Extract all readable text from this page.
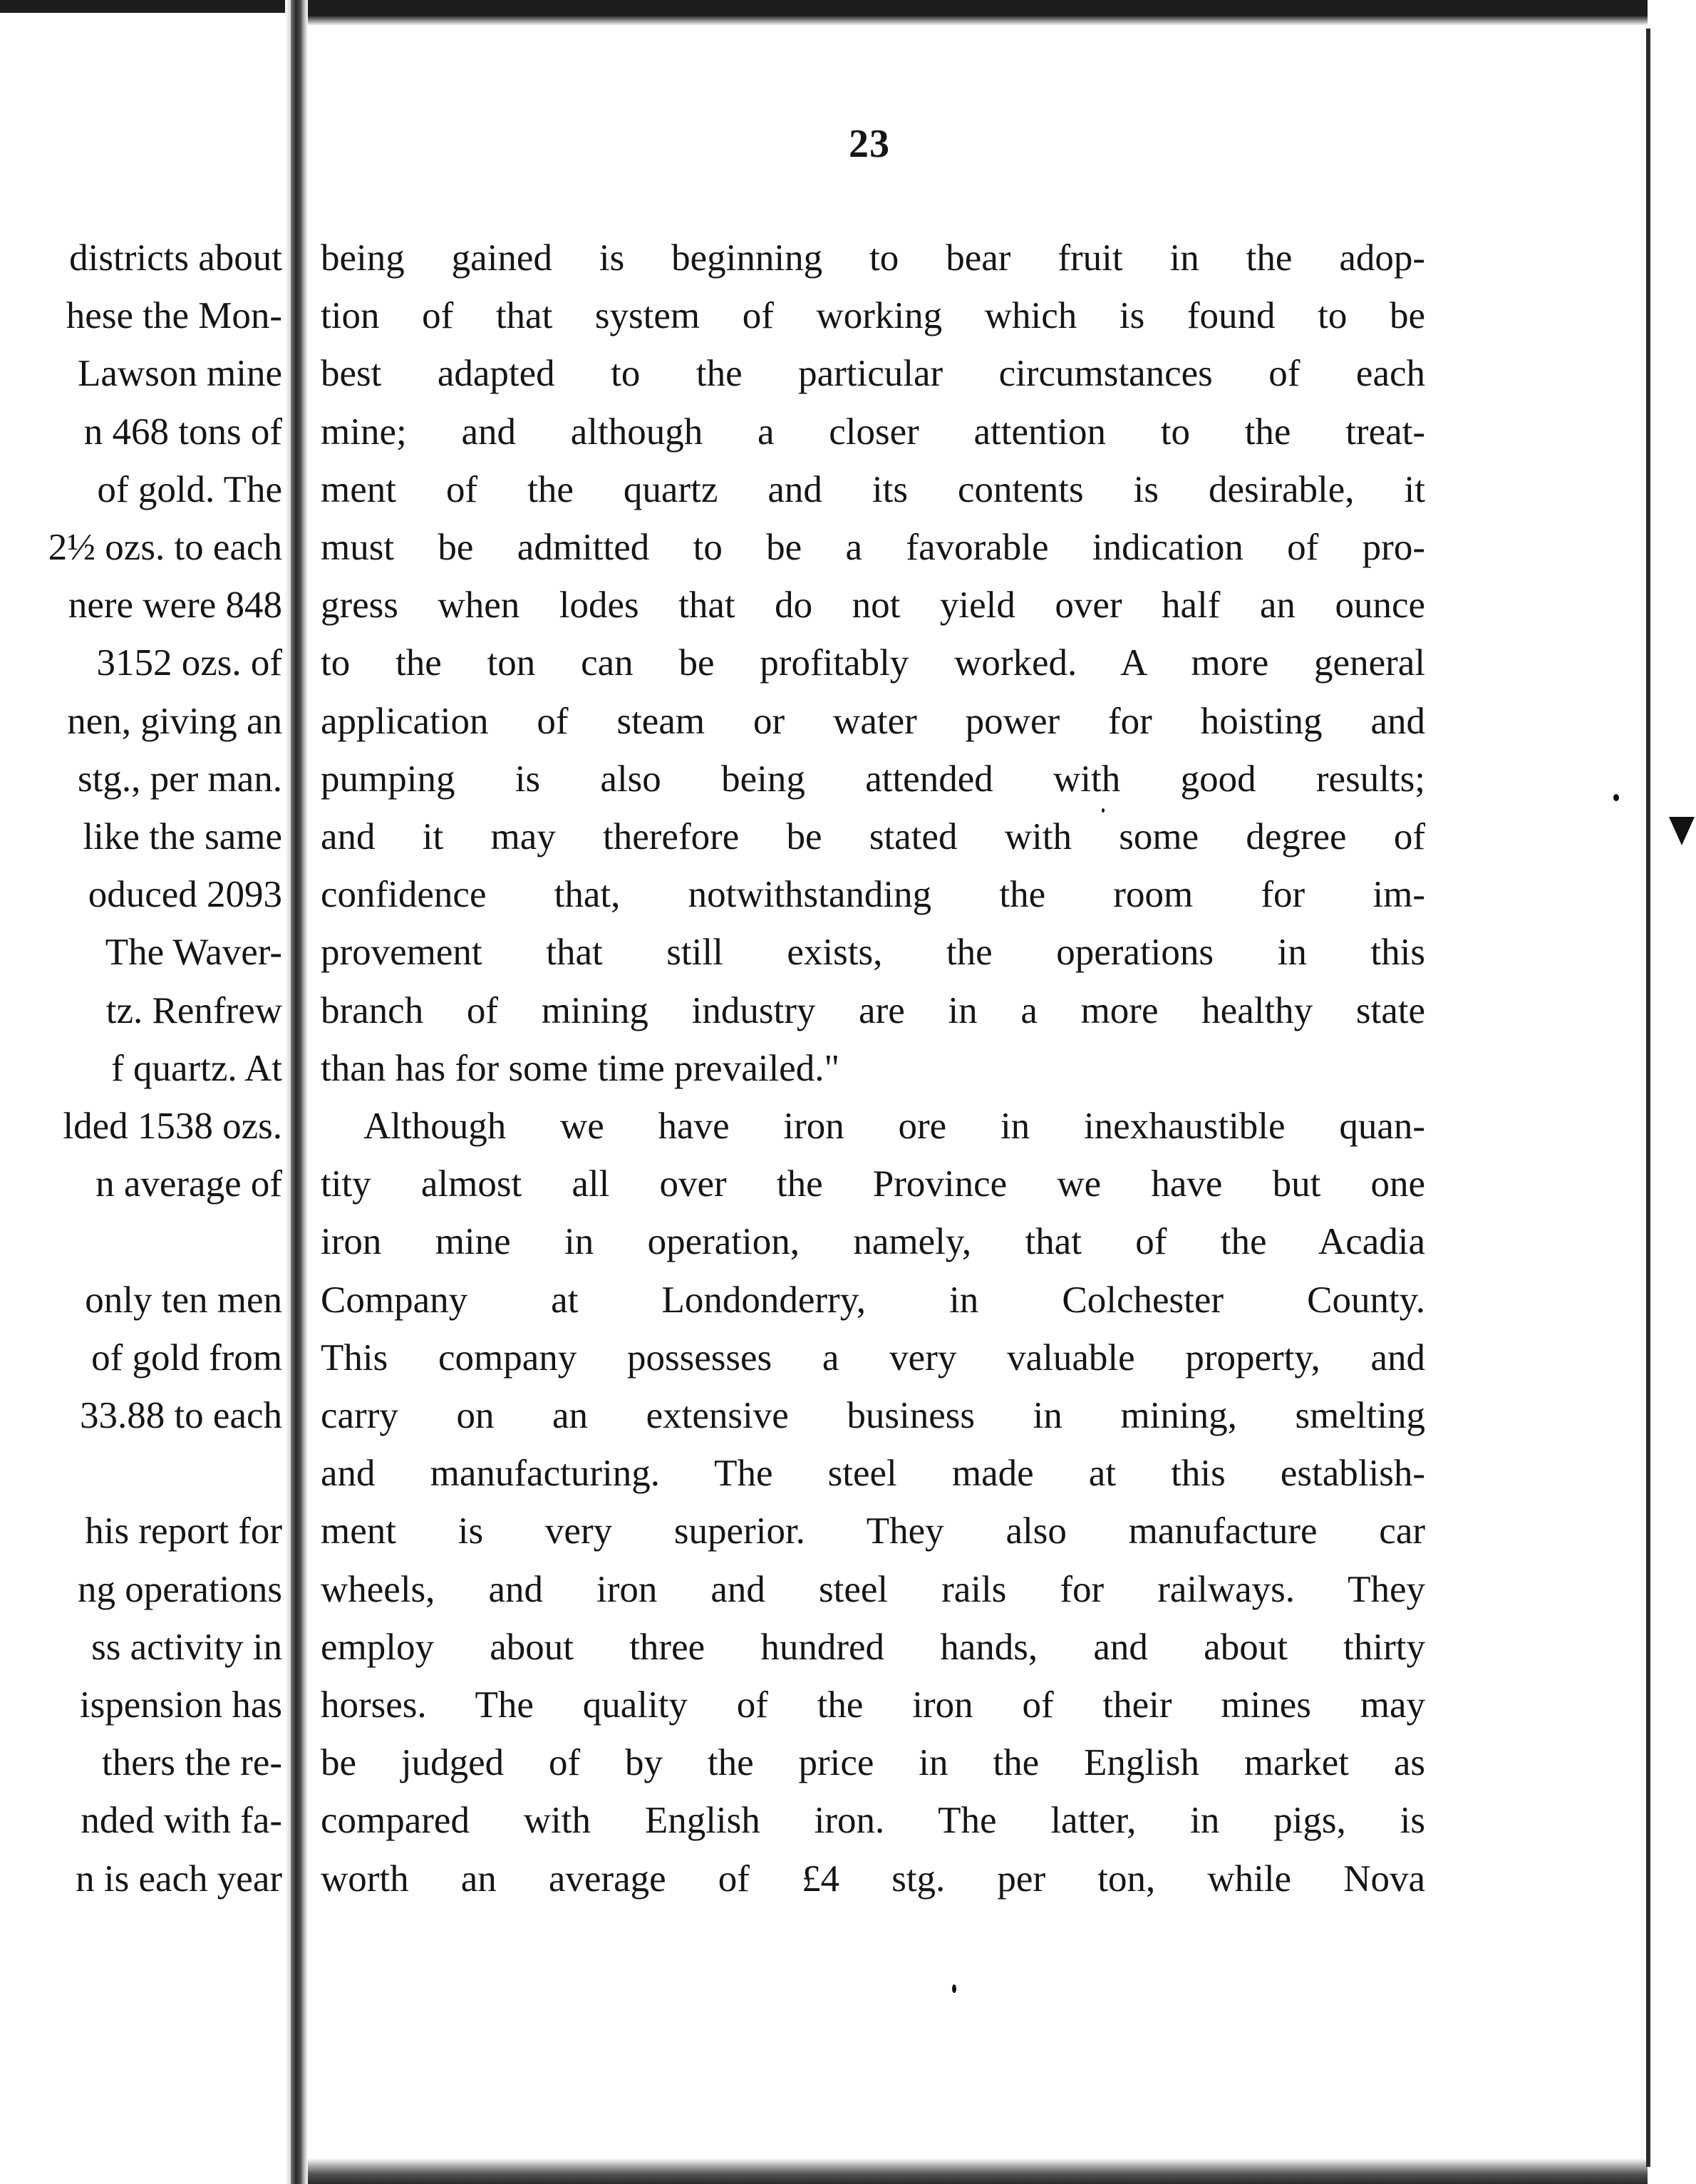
23
districts about
hese the Mon-
Lawson mine
n 468 tons of
of gold. The
2½ ozs. to each
nere were 848
3152 ozs. of
nen, giving an
stg., per man.
like the same
oduced 2093
The Waver-
tz. Renfrew
f quartz. At
lded 1538 ozs.
n average of
only ten men
of gold from
33.88 to each
his report for
ng operations
ss activity in
ispension has
thers the re-
nded with fa-
n is each year
being gained is beginning to bear fruit in the adop-
tion of that system of working which is found to be
best adapted to the particular circumstances of each
mine; and although a closer attention to the treat-
ment of the quartz and its contents is desirable, it
must be admitted to be a favorable indication of pro-
gress when lodes that do not yield over half an ounce
to the ton can be profitably worked. A more general
application of steam or water power for hoisting and
pumping is also being attended with good results;
and it may therefore be stated with some degree of
confidence that, notwithstanding the room for im-
provement that still exists, the operations in this
branch of mining industry are in a more healthy state
than has for some time prevailed."
Although we have iron ore in inexhaustible quan-
tity almost all over the Province we have but one
iron mine in operation, namely, that of the Acadia
Company at Londonderry, in Colchester County.
This company possesses a very valuable property, and
carry on an extensive business in mining, smelting
and manufacturing. The steel made at this establish-
ment is very superior. They also manufacture car
wheels, and iron and steel rails for railways. They
employ about three hundred hands, and about thirty
horses. The quality of the iron of their mines may
be judged of by the price in the English market as
compared with English iron. The latter, in pigs, is
worth an average of £4 stg. per ton, while Nova
